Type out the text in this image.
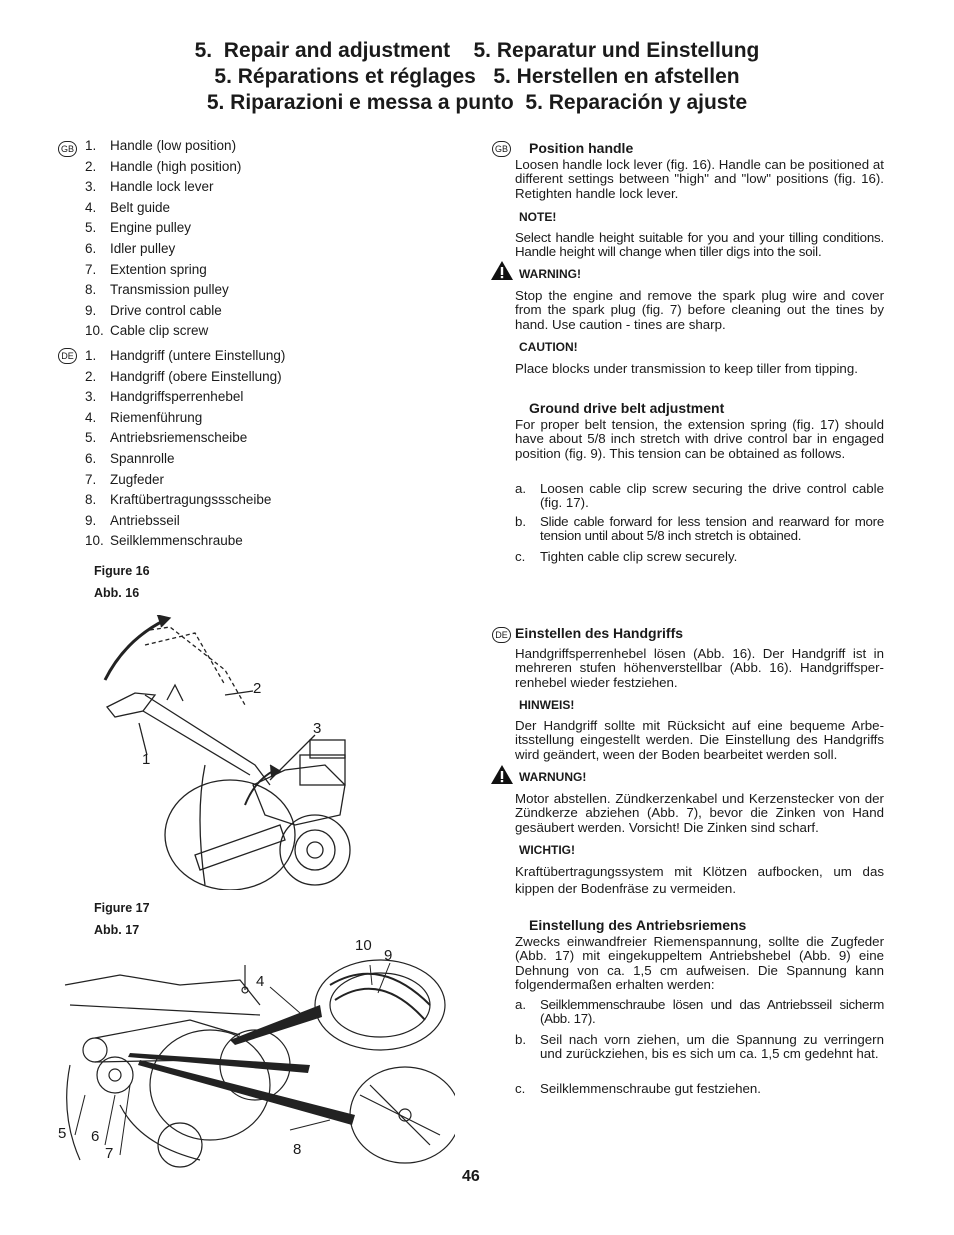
5.  Repair and adjustment    5. Reparatur und Einstellung
5. Réparations et réglages   5. Herstellen en afstellen
5. Riparazioni e messa a punto  5. Reparación y ajuste
GB 1. Handle (low position)
2. Handle (high position)
3. Handle lock lever
4. Belt guide
5. Engine pulley
6. Idler pulley
7. Extention spring
8. Transmission pulley
9. Drive control cable
10. Cable clip screw
DE 1. Handgriff (untere Einstellung)
2. Handgriff (obere Einstellung)
3. Handgriffsperrenhebel
4. Riemenführung
5. Antriebsriemenscheibe
6. Spannrolle
7. Zugfeder
8. Kraftübertragungssscheibe
9. Antriebsseil
10. Seilklemmenschraube
Figure 16
Abb. 16
2
3
1
Figure 17
Abb. 17
10
9
4
5 6
7	8
GB Position handle
Loosen handle lock lever (fig. 16). Handle can be positioned at different settings between "high" and "low" positions (fig. 16). Retighten handle lock lever.
NOTE!
Select handle height suitable for you and your tilling conditions. Handle height will change when tiller digs into the soil.
WARNING!
Stop the engine and remove the spark plug wire and cover from the spark plug (fig. 7) before cleaning out the tines by hand. Use caution - tines are sharp.
CAUTION!
Place blocks under transmission to keep tiller from tipping.
Ground drive belt adjustment
For proper belt tension, the extension spring (fig. 17) should have about 5/8 inch stretch with drive control bar in engaged position (fig. 9). This tension can be obtained as follows.
a. Loosen cable clip screw securing the drive control cable (fig. 17).
b. Slide cable forward for less tension and rearward for more tension until about 5/8 inch stretch is obtained.
c. Tighten cable clip screw securely.
DE Einstellen des Handgriffs
Handgriffsperrenhebel lösen (Abb. 16). Der Handgriff ist in mehreren stufen höhenverstellbar (Abb. 16). Handgriffsper-renhebel wieder festziehen.
HINWEIS!
Der Handgriff sollte mit Rücksicht auf eine bequeme Arbe-itsstellung eingestellt werden. Die Einstellung des Handgriffs wird geändert, ween der Boden bearbeitet werden soll.
WARNUNG!
Motor abstellen. Zündkerzenkabel und Kerzenstecker von der Zündkerze abziehen (Abb. 7), bevor die Zinken von Hand gesäubert werden. Vorsicht! Die Zinken sind scharf.
WICHTIG!
Kraftübertragungssystem mit Klötzen aufbocken, um das kippen der Bodenfräse zu vermeiden.
Einstellung des Antriebsriemens
Zwecks einwandfreier Riemenspannung, sollte die Zugfeder (Abb. 17) mit eingekuppeltem Antriebshebel (Abb. 9) eine Dehnung von ca. 1,5 cm aufweisen. Die Spannung kann folgendermaßen erhalten werden:
a. Seilklemmenschraube lösen und das Antriebsseil sicherm (Abb. 17).
b. Seil nach vorn ziehen, um die Spannung zu verringern und zurückziehen, bis es sich um ca. 1,5 cm gedehnt hat.
c. Seilklemmenschraube gut festziehen.
46
